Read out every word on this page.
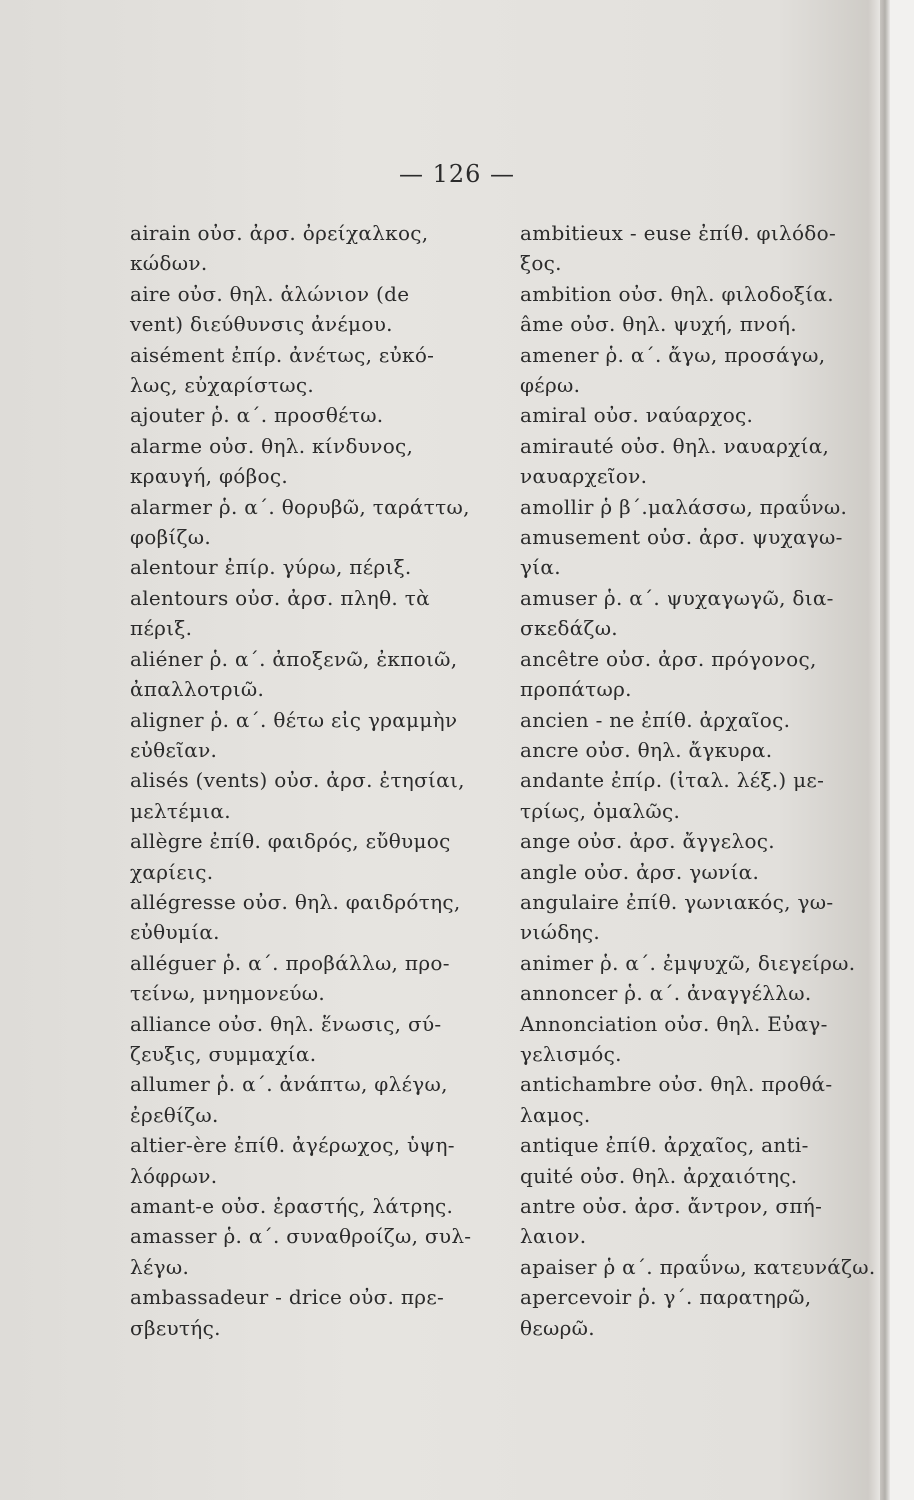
— 126 —
airain οὐσ. ἀρσ. ὀρείχαλκος,
κώδων.
aire οὐσ. θηλ. ἁλώνιον (de
vent) διεύθυνσις ἀνέμου.
aisément ἐπίρ. ἀνέτως, εὐκό-
λως, εὐχαρίστως.
ajouter ῥ. α΄. προσθέτω.
alarme οὐσ. θηλ. κίνδυνος,
κραυγή, φόβος.
alarmer ῥ. α΄. θορυβῶ, ταράττω,
φοβίζω.
alentour ἐπίρ. γύρω, πέριξ.
alentours οὐσ. ἀρσ. πληθ. τὰ
πέριξ.
aliéner ῥ. α΄. ἀποξενῶ, ἐκποιῶ,
ἀπαλλοτριῶ.
aligner ῥ. α΄. θέτω εἰς γραμμὴν
εὐθεῖαν.
alisés (vents) οὐσ. ἀρσ. ἐτησίαι,
μελτέμια.
allègre ἐπίθ. φαιδρός, εὔθυμος
χαρίεις.
allégresse οὐσ. θηλ. φαιδρότης,
εὐθυμία.
alléguer ῥ. α΄. προβάλλω, προ-
τείνω, μνημονεύω.
alliance οὐσ. θηλ. ἕνωσις, σύ-
ζευξις, συμμαχία.
allumer ῥ. α΄. ἀνάπτω, φλέγω,
ἐρεθίζω.
altier-ère ἐπίθ. ἀγέρωχος, ὑψη-
λόφρων.
amant-e οὐσ. ἐραστής, λάτρης.
amasser ῥ. α΄. συναθροίζω, συλ-
λέγω.
ambassadeur - drice οὐσ. πρε-
σβευτής.
ambitieux - euse ἐπίθ. φιλόδο-
ξος.
ambition οὐσ. θηλ. φιλοδοξία.
âme οὐσ. θηλ. ψυχή, πνοή.
amener ῥ. α΄. ἄγω, προσάγω,
φέρω.
amiral οὐσ. ναύαρχος.
amirauté οὐσ. θηλ. ναυαρχία,
ναυαρχεῖον.
amollir ῥ β΄.μαλάσσω, πραΰνω.
amusement οὐσ. ἀρσ. ψυχαγω-
γία.
amuser ῥ. α΄. ψυχαγωγῶ, δια-
σκεδάζω.
ancêtre οὐσ. ἀρσ. πρόγονος,
προπάτωρ.
ancien - ne ἐπίθ. ἀρχαῖος.
ancre οὐσ. θηλ. ἄγκυρα.
andante ἐπίρ. (ἰταλ. λέξ.) με-
τρίως, ὁμαλῶς.
ange οὐσ. ἀρσ. ἄγγελος.
angle οὐσ. ἀρσ. γωνία.
angulaire ἐπίθ. γωνιακός, γω-
νιώδης.
animer ῥ. α΄. ἐμψυχῶ, διεγείρω.
annoncer ῥ. α΄. ἀναγγέλλω.
Annonciation οὐσ. θηλ. Εὐαγ-
γελισμός.
antichambre οὐσ. θηλ. προθά-
λαμος.
antique ἐπίθ. ἀρχαῖος, anti-
quité οὐσ. θηλ. ἀρχαιότης.
antre οὐσ. ἀρσ. ἄντρον, σπή-
λαιον.
apaiser ῥ α΄. πραΰνω, κατευνάζω.
apercevoir ῥ. γ΄. παρατηρῶ,
θεωρῶ.
